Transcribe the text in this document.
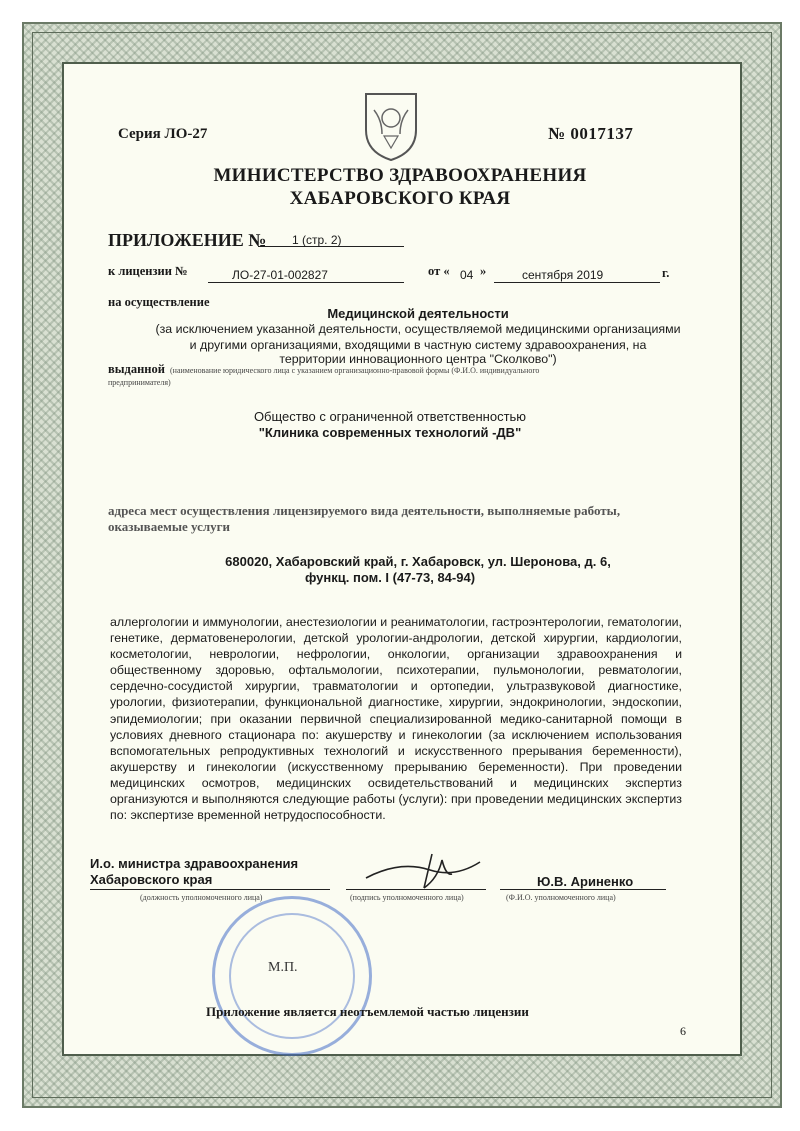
Серия ЛО-27	№ 0017137
МИНИСТЕРСТВО ЗДРАВООХРАНЕНИЯ
ХАБАРОВСКОГО КРАЯ
ПРИЛОЖЕНИЕ № 1 (стр. 2)
к лицензии №	ЛО-27-01-002827	от « 04 »	сентября 2019	г.
на осуществление
Медицинской деятельности
(за исключением указанной деятельности, осуществляемой медицинскими организациями
и другими организациями, входящими в частную систему здравоохранения, на
территории инновационного центра "Сколково")
выданной (наименование юридического лица с указанием организационно-правовой формы (Ф.И.О. индивидуального
предпринимателя)
Общество с ограниченной ответственностью
"Клиника современных технологий -ДВ"
адреса мест осуществления лицензируемого вида деятельности, выполняемые работы,
оказываемые услуги
680020, Хабаровский край, г. Хабаровск, ул. Шеронова, д. 6,
функц. пом. I (47-73, 84-94)
аллергологии и иммунологии, анестезиологии и реаниматологии, гастроэнтерологии, гематологии, генетике, дерматовенерологии, детской урологии-андрологии, детской хирургии, кардиологии, косметологии, неврологии, нефрологии, онкологии, организации здравоохранения и общественному здоровью, офтальмологии, психотерапии, пульмонологии, ревматологии, сердечно-сосудистой хирургии, травматологии и ортопедии, ультразвуковой диагностике, урологии, физиотерапии, функциональной диагностике, хирургии, эндокринологии, эндоскопии, эпидемиологии; при оказании первичной специализированной медико-санитарной помощи в условиях дневного стационара по: акушерству и гинекологии (за исключением использования вспомогательных репродуктивных технологий и искусственного прерывания беременности), акушерству и гинекологии (искусственному прерыванию беременности). При проведении медицинских осмотров, медицинских освидетельствований и медицинских экспертиз организуются и выполняются следующие работы (услуги): при проведении медицинских экспертиз по: экспертизе временной нетрудоспособности.
И.о. министра здравоохранения
Хабаровского края	Ю.В. Ариненко
(должность уполномоченного лица)	(подпись уполномоченного лица)	(Ф.И.О. уполномоченного лица)
М.П.
Приложение является неотъемлемой частью лицензии
6
